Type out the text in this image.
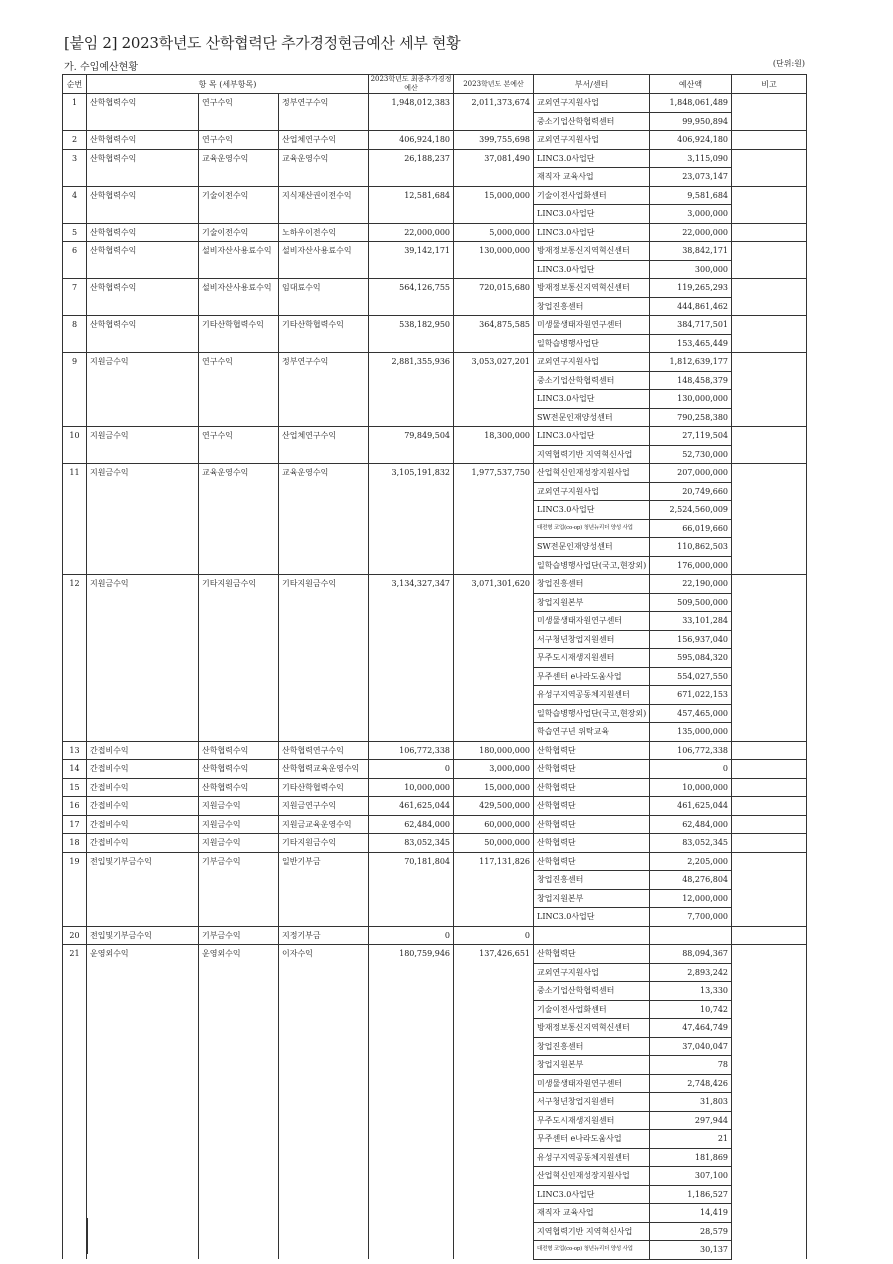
[붙임 2] 2023학년도 산학협력단 추가경정현금예산 세부 현황
가. 수입예산현황	(단위:원)
순번	항 목 (세부항목)	2023학년도 최종추가경정예산	2023학년도 본예산	부서/센터	예산액	비고
1	산학협력수익	연구수익	정부연구수익	1,948,012,383	2,011,373,674	교외연구지원사업	1,848,061,489	
중소기업산학협력센터	99,950,894
2	산학협력수익	연구수익	산업체연구수익	406,924,180	399,755,698	교외연구지원사업	406,924,180	
3	산학협력수익	교육운영수익	교육운영수익	26,188,237	37,081,490	LINC3.0사업단	3,115,090	
재직자 교육사업	23,073,147
4	산학협력수익	기술이전수익	지식재산권이전수익	12,581,684	15,000,000	기술이전사업화센터	9,581,684	
LINC3.0사업단	3,000,000
5	산학협력수익	기술이전수익	노하우이전수익	22,000,000	5,000,000	LINC3.0사업단	22,000,000	
6	산학협력수익	설비자산사용료수익	설비자산사용료수익	39,142,171	130,000,000	방재정보통신지역혁신센터	38,842,171	
LINC3.0사업단	300,000
7	산학협력수익	설비자산사용료수익	임대료수익	564,126,755	720,015,680	방재정보통신지역혁신센터	119,265,293	
창업진흥센터	444,861,462
8	산학협력수익	기타산학협력수익	기타산학협력수익	538,182,950	364,875,585	미생물생태자원연구센터	384,717,501	
일학습병행사업단	153,465,449
9	지원금수익	연구수익	정부연구수익	2,881,355,936	3,053,027,201	교외연구지원사업	1,812,639,177	
중소기업산학협력센터	148,458,379
LINC3.0사업단	130,000,000
SW전문인재양성센터	790,258,380
10	지원금수익	연구수익	산업체연구수익	79,849,504	18,300,000	LINC3.0사업단	27,119,504	
지역협력기반 지역혁신사업	52,730,000
11	지원금수익	교육운영수익	교육운영수익	3,105,191,832	1,977,537,750	산업혁신인재성장지원사업	207,000,000	
교외연구지원사업	20,749,660
LINC3.0사업단	2,524,560,009
대전형 코업(co-op) 청년뉴리더 양성 사업	66,019,660
SW전문인재양성센터	110,862,503
일학습병행사업단(국고,현장외)	176,000,000
12	지원금수익	기타지원금수익	기타지원금수익	3,134,327,347	3,071,301,620	창업진흥센터	22,190,000	
창업지원본부	509,500,000
미생물생태자원연구센터	33,101,284
서구청년창업지원센터	156,937,040
무주도시재생지원센터	595,084,320
무주센터 e나라도움사업	554,027,550
유성구지역공동체지원센터	671,022,153
일학습병행사업단(국고,현장외)	457,465,000
학습연구년 위탁교육	135,000,000
13	간접비수익	산학협력수익	산학협력연구수익	106,772,338	180,000,000	산학협력단	106,772,338	
14	간접비수익	산학협력수익	산학협력교육운영수익	0	3,000,000	산학협력단	0	
15	간접비수익	산학협력수익	기타산학협력수익	10,000,000	15,000,000	산학협력단	10,000,000	
16	간접비수익	지원금수익	지원금연구수익	461,625,044	429,500,000	산학협력단	461,625,044	
17	간접비수익	지원금수익	지원금교육운영수익	62,484,000	60,000,000	산학협력단	62,484,000	
18	간접비수익	지원금수익	기타지원금수익	83,052,345	50,000,000	산학협력단	83,052,345	
19	전입및기부금수익	기부금수익	일반기부금	70,181,804	117,131,826	산학협력단	2,205,000	
창업진흥센터	48,276,804
창업지원본부	12,000,000
LINC3.0사업단	7,700,000
20	전입및기부금수익	기부금수익	지정기부금	0	0			
21	운영외수익	운영외수익	이자수익	180,759,946	137,426,651	산학협력단	88,094,367	
교외연구지원사업	2,893,242
중소기업산학협력센터	13,330
기술이전사업화센터	10,742
방재정보통신지역혁신센터	47,464,749
창업진흥센터	37,040,047
창업지원본부	78
미생물생태자원연구센터	2,748,426
서구청년창업지원센터	31,803
무주도시재생지원센터	297,944
무주센터 e나라도움사업	21
유성구지역공동체지원센터	181,869
산업혁신인재성장지원사업	307,100
LINC3.0사업단	1,186,527
재직자 교육사업	14,419
지역협력기반 지역혁신사업	28,579
대전형 코업(co-op) 청년뉴리더 양성 사업	30,137
